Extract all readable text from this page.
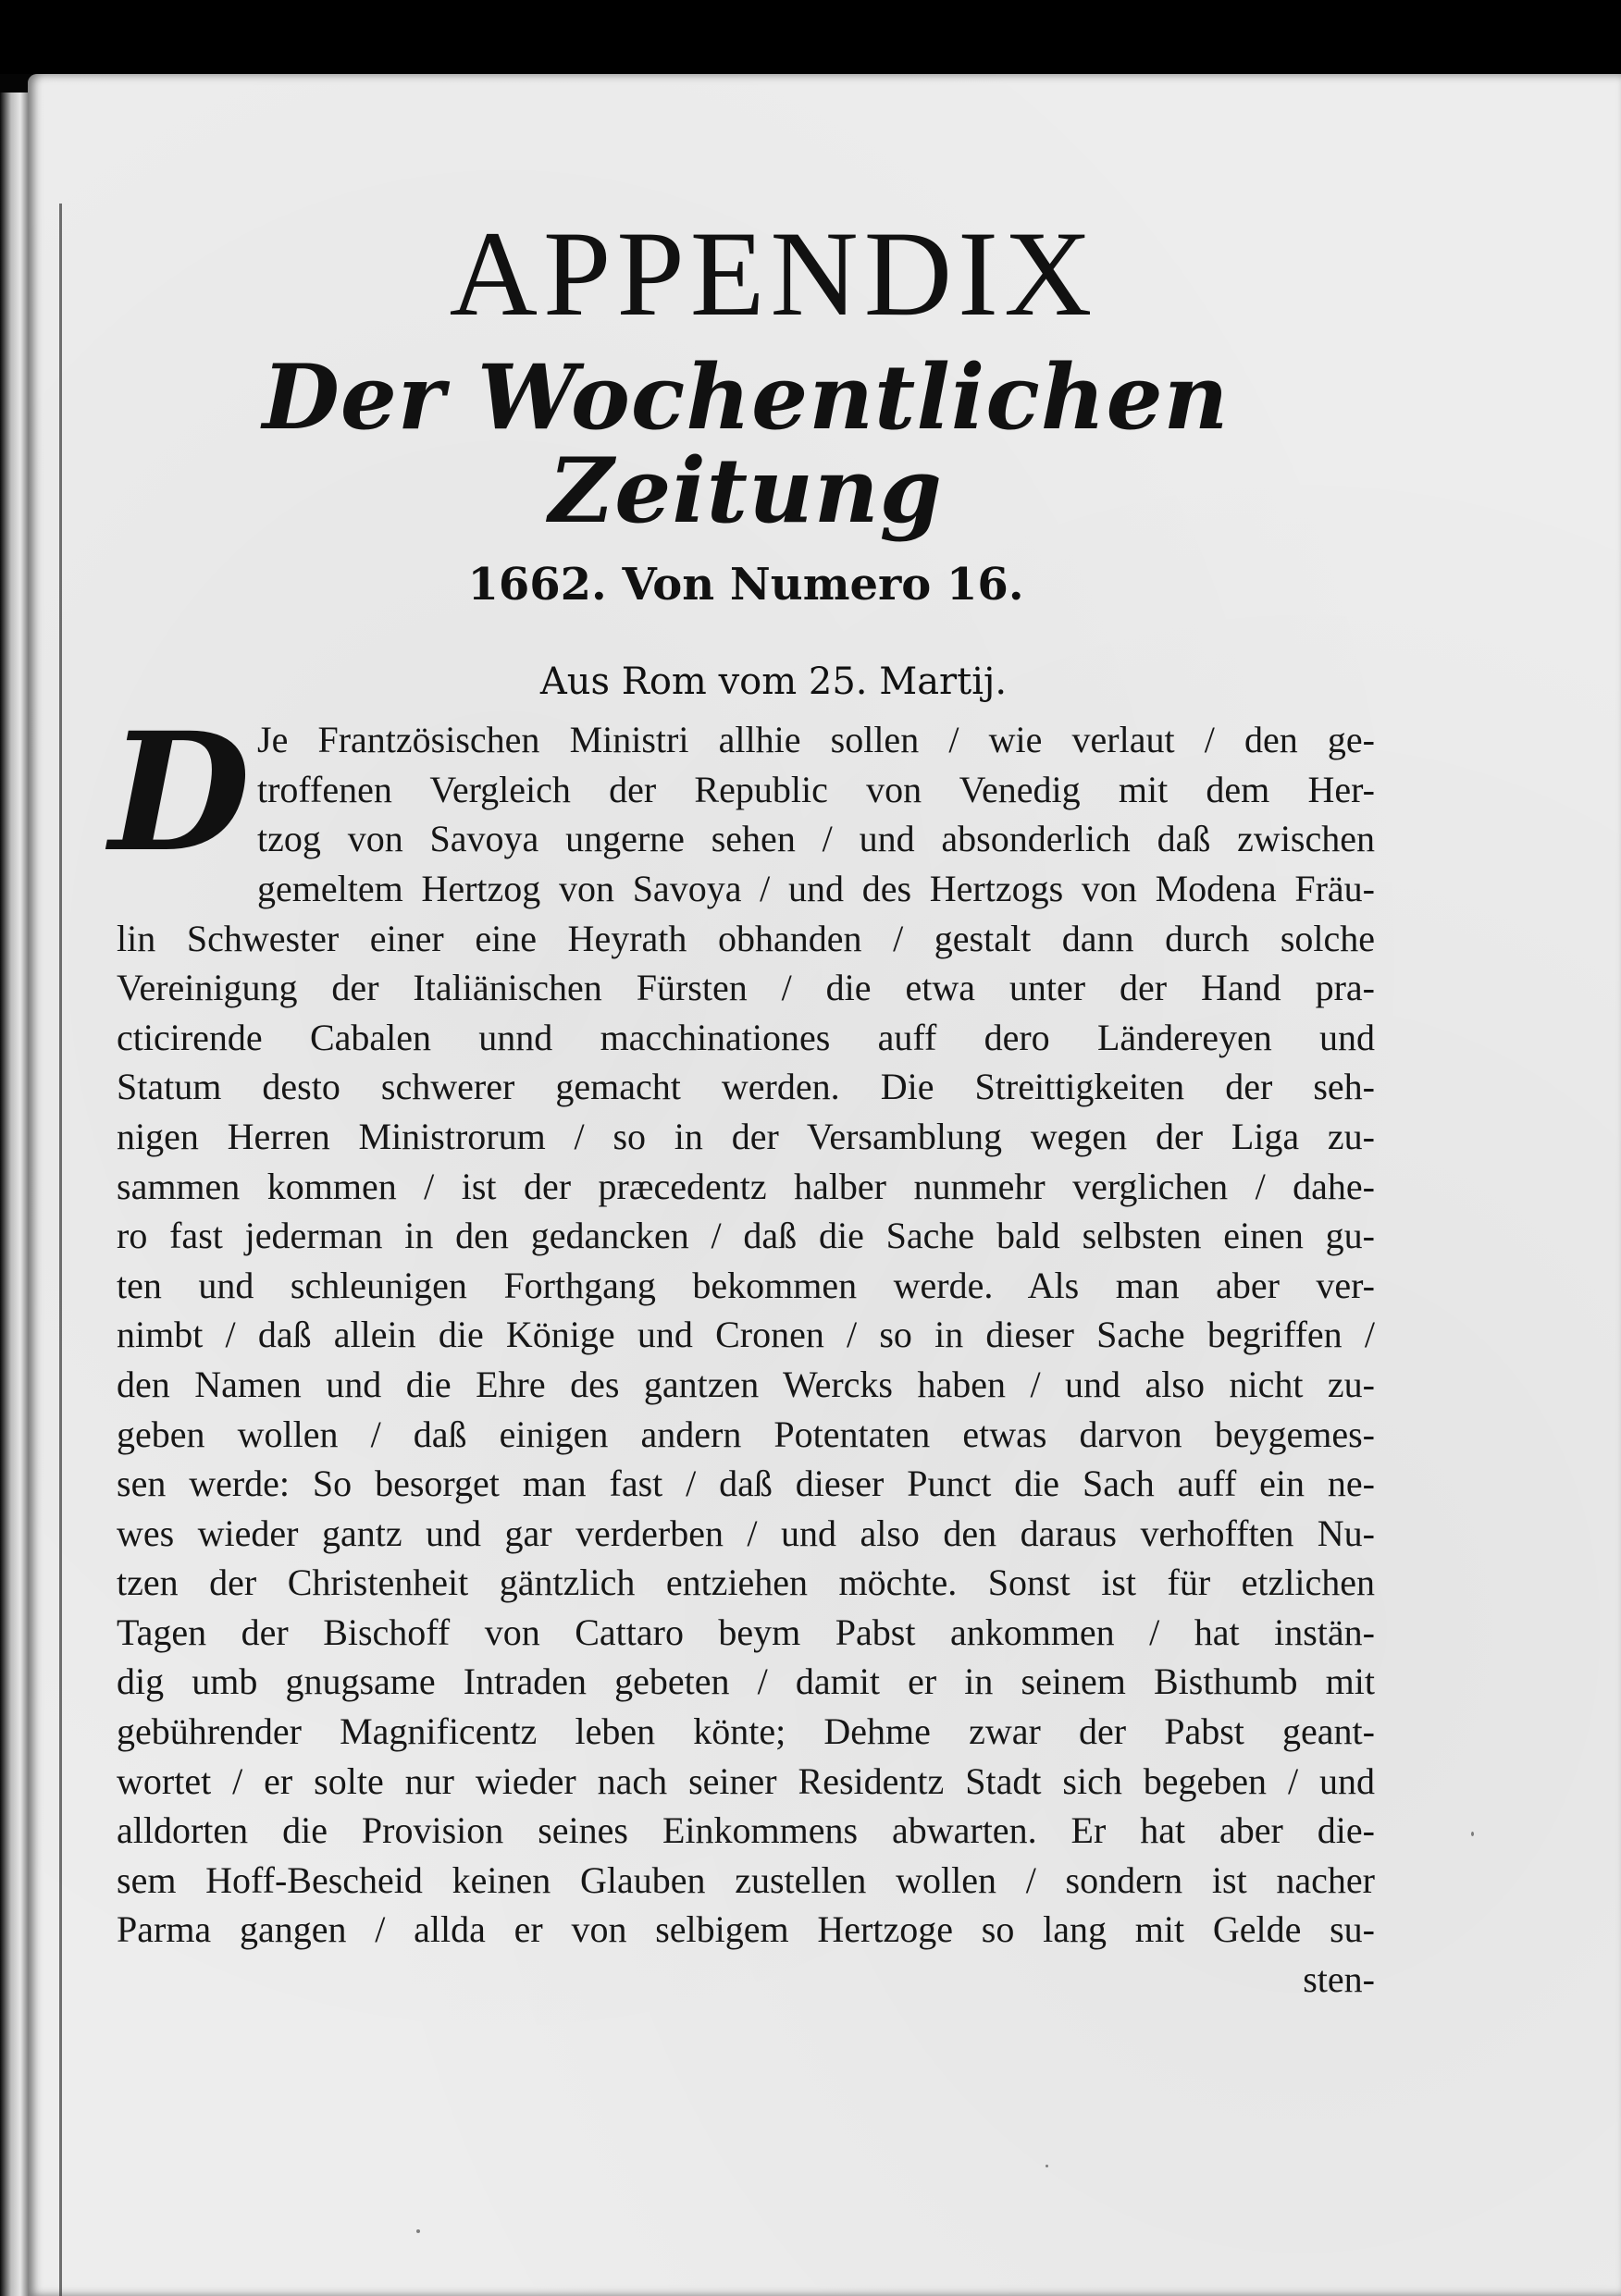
APPENDIX
Der Wochentlichen Zeitung
1662. Von Numero 16.
Aus Rom vom 25. Martij.
D Je Frantzösischen Ministri allhie sollen / wie verlaut / den ge-
troffenen Vergleich der Republic von Venedig mit dem Her-
tzog von Savoya ungerne sehen / und absonderlich daß zwischen
gemeltem Hertzog von Savoya / und des Hertzogs von Modena Fräu-
lin Schwester einer eine Heyrath obhanden / gestalt dann durch solche
Vereinigung der Italiänischen Fürsten / die etwa unter der Hand pra-
cticirende Cabalen unnd macchinationes auff dero Ländereyen und
Statum desto schwerer gemacht werden. Die Streittigkeiten der seh-
nigen Herren Ministrorum / so in der Versamblung wegen der Liga zu-
sammen kommen / ist der præcedentz halber nunmehr verglichen / dahe-
ro fast jederman in den gedancken / daß die Sache bald selbsten einen gu-
ten und schleunigen Forthgang bekommen werde. Als man aber ver-
nimbt / daß allein die Könige und Cronen / so in dieser Sache begriffen /
den Namen und die Ehre des gantzen Wercks haben / und also nicht zu-
geben wollen / daß einigen andern Potentaten etwas darvon beygemes-
sen werde: So besorget man fast / daß dieser Punct die Sach auff ein ne-
wes wieder gantz und gar verderben / und also den daraus verhofften Nu-
tzen der Christenheit gäntzlich entziehen möchte. Sonst ist für etzlichen
Tagen der Bischoff von Cattaro beym Pabst ankommen / hat instän-
dig umb gnugsame Intraden gebeten / damit er in seinem Bisthumb mit
gebührender Magnificentz leben könte; Dehme zwar der Pabst geant-
wortet / er solte nur wieder nach seiner Residentz Stadt sich begeben / und
alldorten die Provision seines Einkommens abwarten. Er hat aber die-
sem Hoff-Bescheid keinen Glauben zustellen wollen / sondern ist nacher
Parma gangen / allda er von selbigem Hertzoge so lang mit Gelde su-
sten-
